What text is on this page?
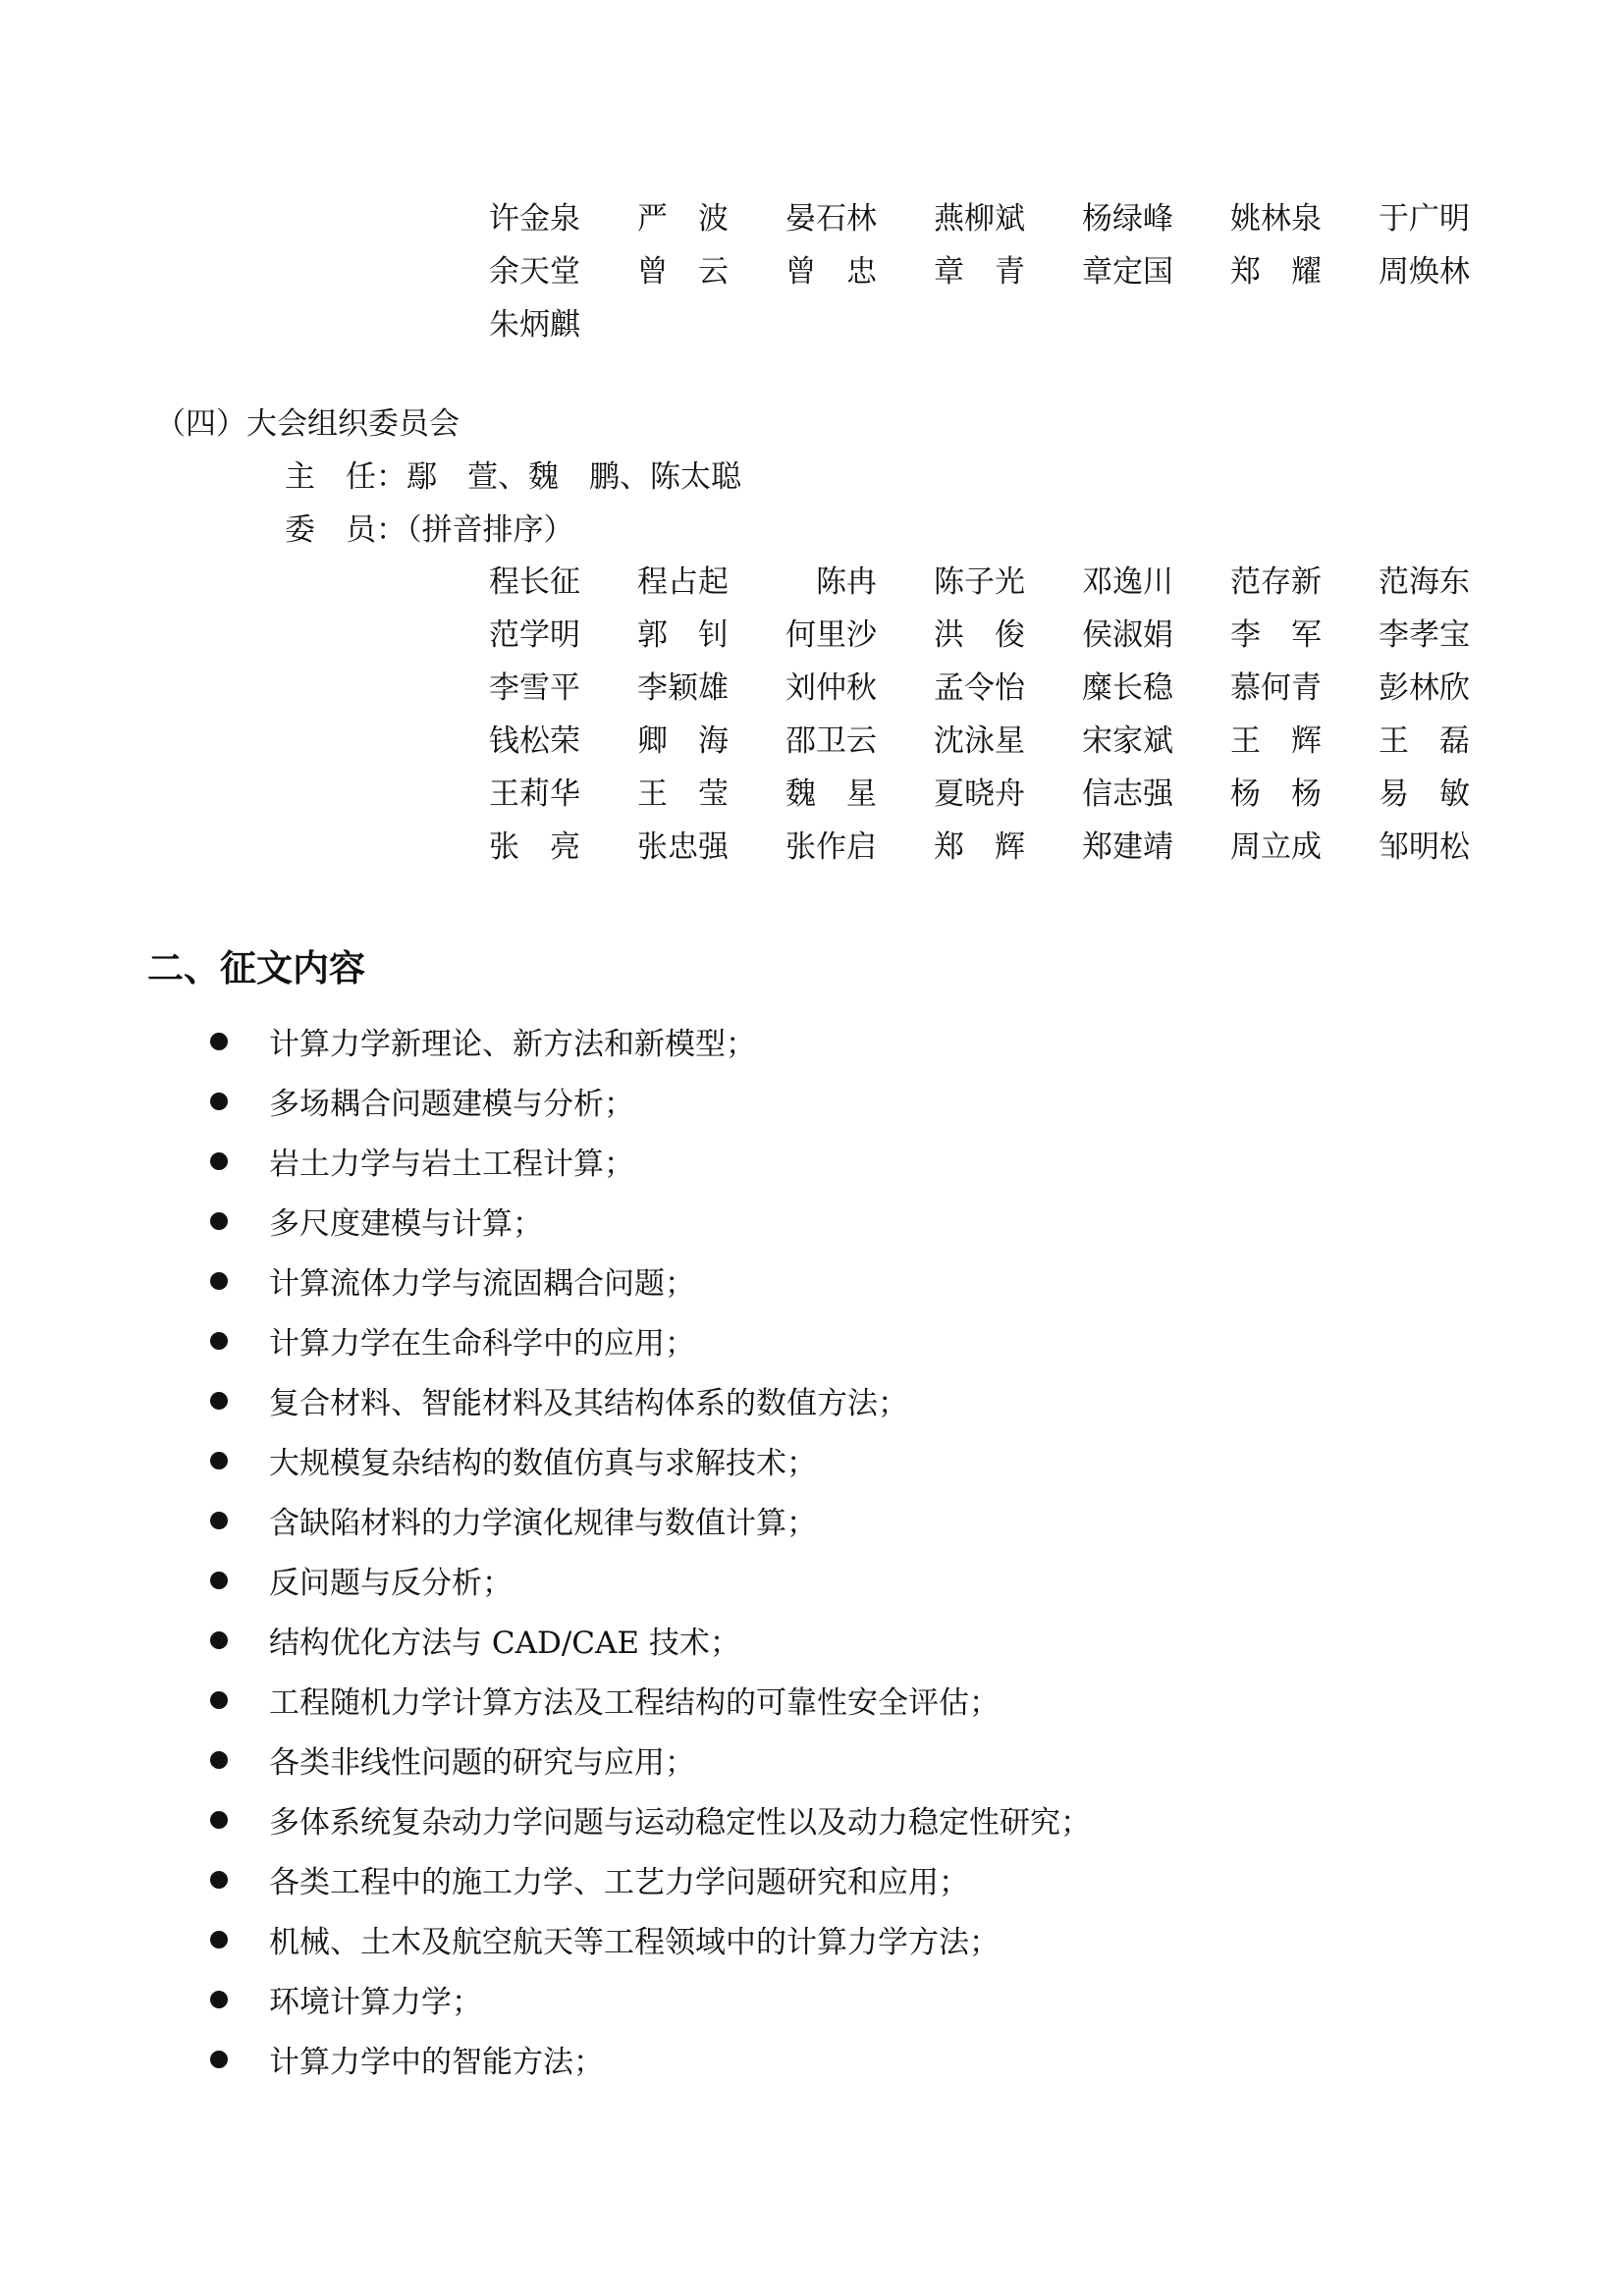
许金泉	严　波	晏石林	燕柳斌	杨绿峰	姚林泉	于广明
余天堂	曾　云	曾　忠	章　青	章定国	郑　耀	周焕林
朱炳麒
（四）大会组织委员会
主　任：鄢　萱、魏　鹏、陈太聪
委　员：（拼音排序）
程长征	程占起	　陈冉	陈子光	邓逸川	范存新	范海东
范学明	郭　钊	何里沙	洪　俊	侯淑娟	李　军	李孝宝
李雪平	李颖雄	刘仲秋	孟令怡	糜长稳	慕何青	彭林欣
钱松荣	卿　海	邵卫云	沈泳星	宋家斌	王　辉	王　磊
王莉华	王　莹	魏　星	夏晓舟	信志强	杨　杨	易　敏
张　亮	张忠强	张作启	郑　辉	郑建靖	周立成	邹明松
二、征文内容
计算力学新理论、新方法和新模型；
多场耦合问题建模与分析；
岩土力学与岩土工程计算；
多尺度建模与计算；
计算流体力学与流固耦合问题；
计算力学在生命科学中的应用；
复合材料、智能材料及其结构体系的数值方法；
大规模复杂结构的数值仿真与求解技术；
含缺陷材料的力学演化规律与数值计算；
反问题与反分析；
结构优化方法与 CAD/CAE 技术；
工程随机力学计算方法及工程结构的可靠性安全评估；
各类非线性问题的研究与应用；
多体系统复杂动力学问题与运动稳定性以及动力稳定性研究；
各类工程中的施工力学、工艺力学问题研究和应用；
机械、土木及航空航天等工程领域中的计算力学方法；
环境计算力学；
计算力学中的智能方法；
